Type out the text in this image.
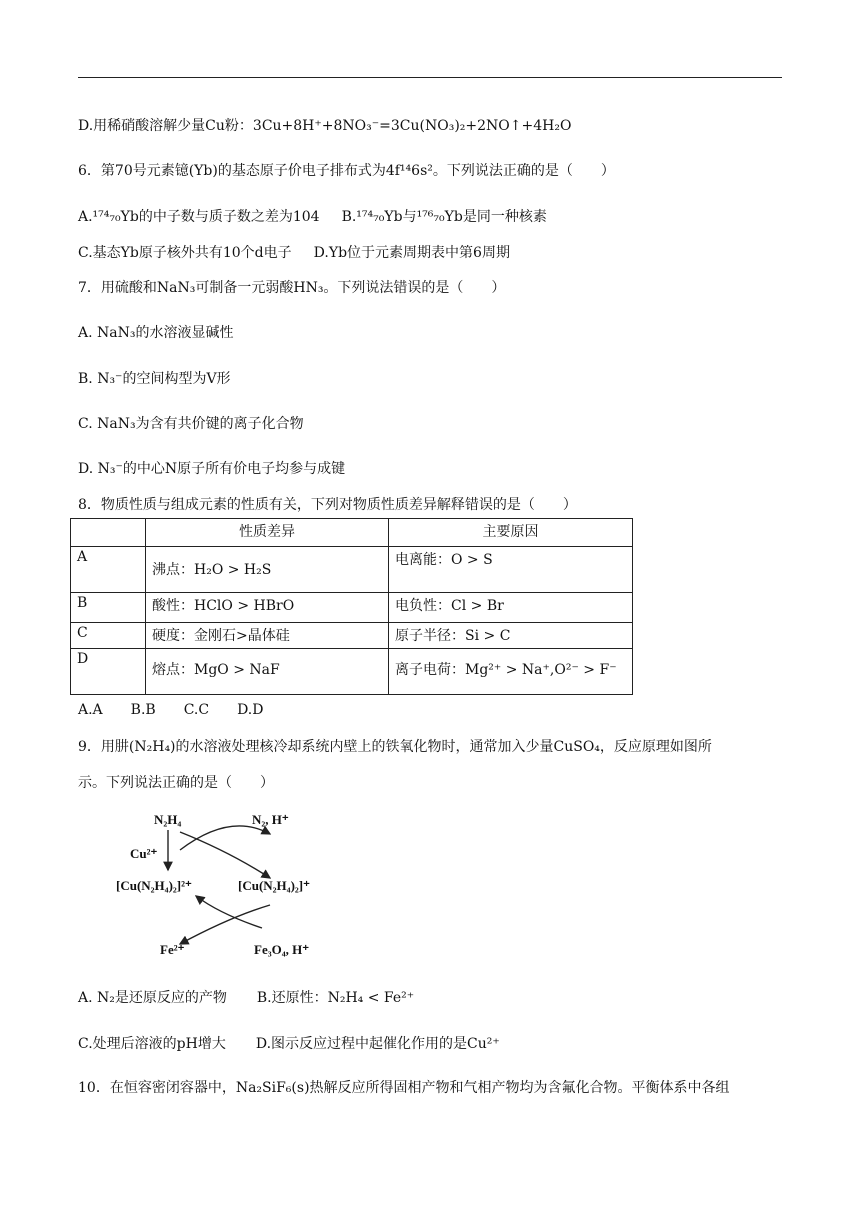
D.用稀硝酸溶解少量Cu粉：3Cu+8H⁺+8NO₃⁻=3Cu(NO₃)₂+2NO↑+4H₂O
6．第70号元素镱(Yb)的基态原子价电子排布式为4f¹⁴6s²。下列说法正确的是（　　）
A.¹⁷⁴₇₀Yb的中子数与质子数之差为104 B.¹⁷⁴₇₀Yb与¹⁷⁶₇₀Yb是同一种核素
C.基态Yb原子核外共有10个d电子 D.Yb位于元素周期表中第6周期
7．用硫酸和NaN₃可制备一元弱酸HN₃。下列说法错误的是（　　）
A. NaN₃的水溶液显碱性
B. N₃⁻的空间构型为V形
C. NaN₃为含有共价键的离子化合物
D. N₃⁻的中心N原子所有价电子均参与成键
8．物质性质与组成元素的性质有关，下列对物质性质差异解释错误的是（　　）
	性质差异	主要原因
A	沸点：H₂O > H₂S	电离能：O > S
B	酸性：HClO > HBrO	电负性：Cl > Br
C	硬度：金刚石>晶体硅	原子半径：Si > C
D	熔点：MgO > NaF	离子电荷：Mg²⁺ > Na⁺,O²⁻ > F⁻
A.A　　B.B　　C.C　　D.D
9．用肼(N₂H₄)的水溶液处理核冷却系统内壁上的铁氧化物时，通常加入少量CuSO₄，反应原理如图所
示。下列说法正确的是（　　）
N₂H₄	N₂, H⁺
Cu²⁺
[Cu(N₂H₄)₂]²⁺	[Cu(N₂H₄)₂]⁺
Fe²⁺	Fe₃O₄, H⁺
A. N₂是还原反应的产物 B.还原性：N₂H₄ < Fe²⁺
C.处理后溶液的pH增大 D.图示反应过程中起催化作用的是Cu²⁺
10．在恒容密闭容器中，Na₂SiF₆(s)热解反应所得固相产物和气相产物均为含氟化合物。平衡体系中各组
